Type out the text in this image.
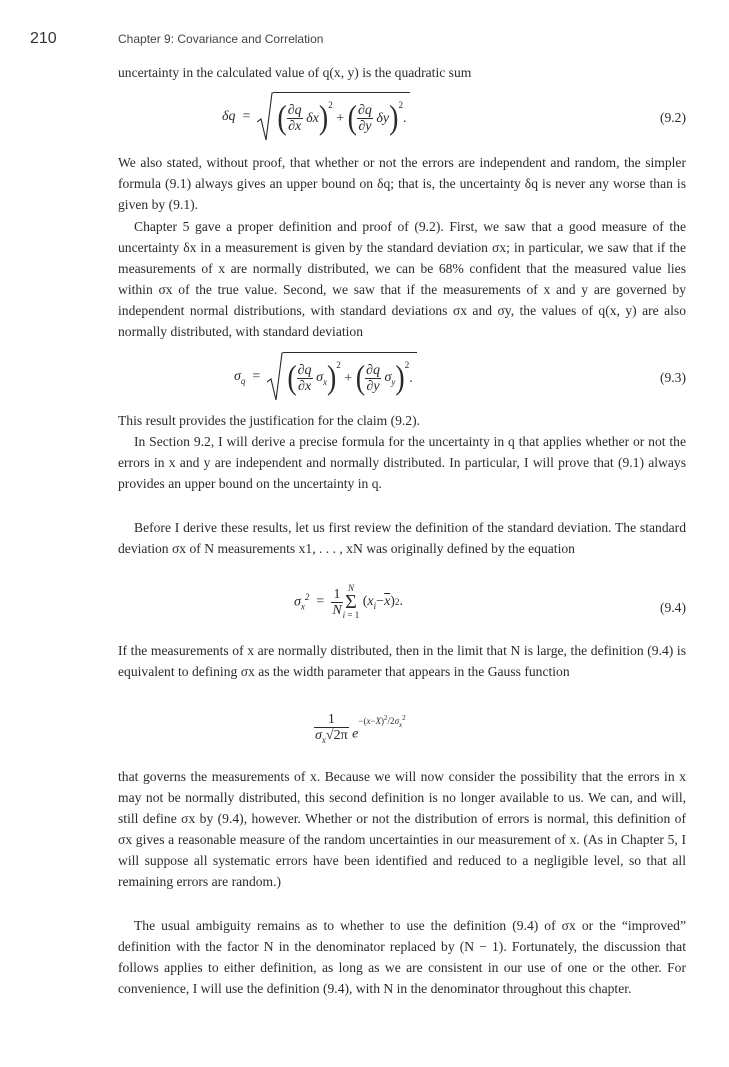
210	Chapter 9: Covariance and Correlation

uncertainty in the calculated value of q(x, y) is the quadratic sum

δq = ( $\frac{\partial q}{\partial x}$ δx )$^2$
+ ( $\frac{\partial q}{\partial y}$ δy )$^2$
.	(9.2)

We also stated, without proof, that whether or not the errors are independent and random, the simpler formula (9.1) always gives an upper bound on δq; that is, the uncertainty δq is never any worse than is given by (9.1).

Chapter 5 gave a proper definition and proof of (9.2). First, we saw that a good measure of the uncertainty δx in a measurement is given by the standard deviation σx; in particular, we saw that if the measurements of x are normally distributed, we can be 68% confident that the measured value lies within σx of the true value. Second, we saw that if the measurements of x and y are governed by independent normal distributions, with standard deviations σx and σy, the values of q(x, y) are also normally distributed, with standard deviation

$\sigma_q$ = ( $\frac{\partial q}{\partial x} \sigma_x$ )$^2$
+ ( $\frac{\partial q}{\partial y} \sigma_y$ )$^2$
.	(9.3)

This result provides the justification for the claim (9.2).

In Section 9.2, I will derive a precise formula for the uncertainty in q that applies whether or not the errors in x and y are independent and normally distributed. In particular, I will prove that (9.1) always provides an upper bound on the uncertainty in q.

Before I derive these results, let us first review the definition of the standard deviation. The standard deviation σx of N measurements x1, . . . , xN was originally defined by the equation

$\sigma_x^2 = \frac{1}{N}$ N
Σ
i = 1
( $x_i - \overline{x}$ ) 2 .	(9.4)

If the measurements of x are normally distributed, then in the limit that N is large, the definition (9.4) is equivalent to defining σx as the width parameter that appears in the Gauss function

$\frac{1}{\sigma_x√2\pi} e^{-(x-X)^2/2\sigma_x^2}$

that governs the measurements of x. Because we will now consider the possibility that the errors in x may not be normally distributed, this second definition is no longer available to us. We can, and will, still define σx by (9.4), however. Whether or not the distribution of errors is normal, this definition of σx gives a reasonable measure of the random uncertainties in our measurement of x. (As in Chapter 5, I will suppose all systematic errors have been identified and reduced to a negligible level, so that all remaining errors are random.)

The usual ambiguity remains as to whether to use the definition (9.4) of σx or the “improved” definition with the factor N in the denominator replaced by (N − 1). Fortunately, the discussion that follows applies to either definition, as long as we are consistent in our use of one or the other. For convenience, I will use the definition (9.4), with N in the denominator throughout this chapter.
